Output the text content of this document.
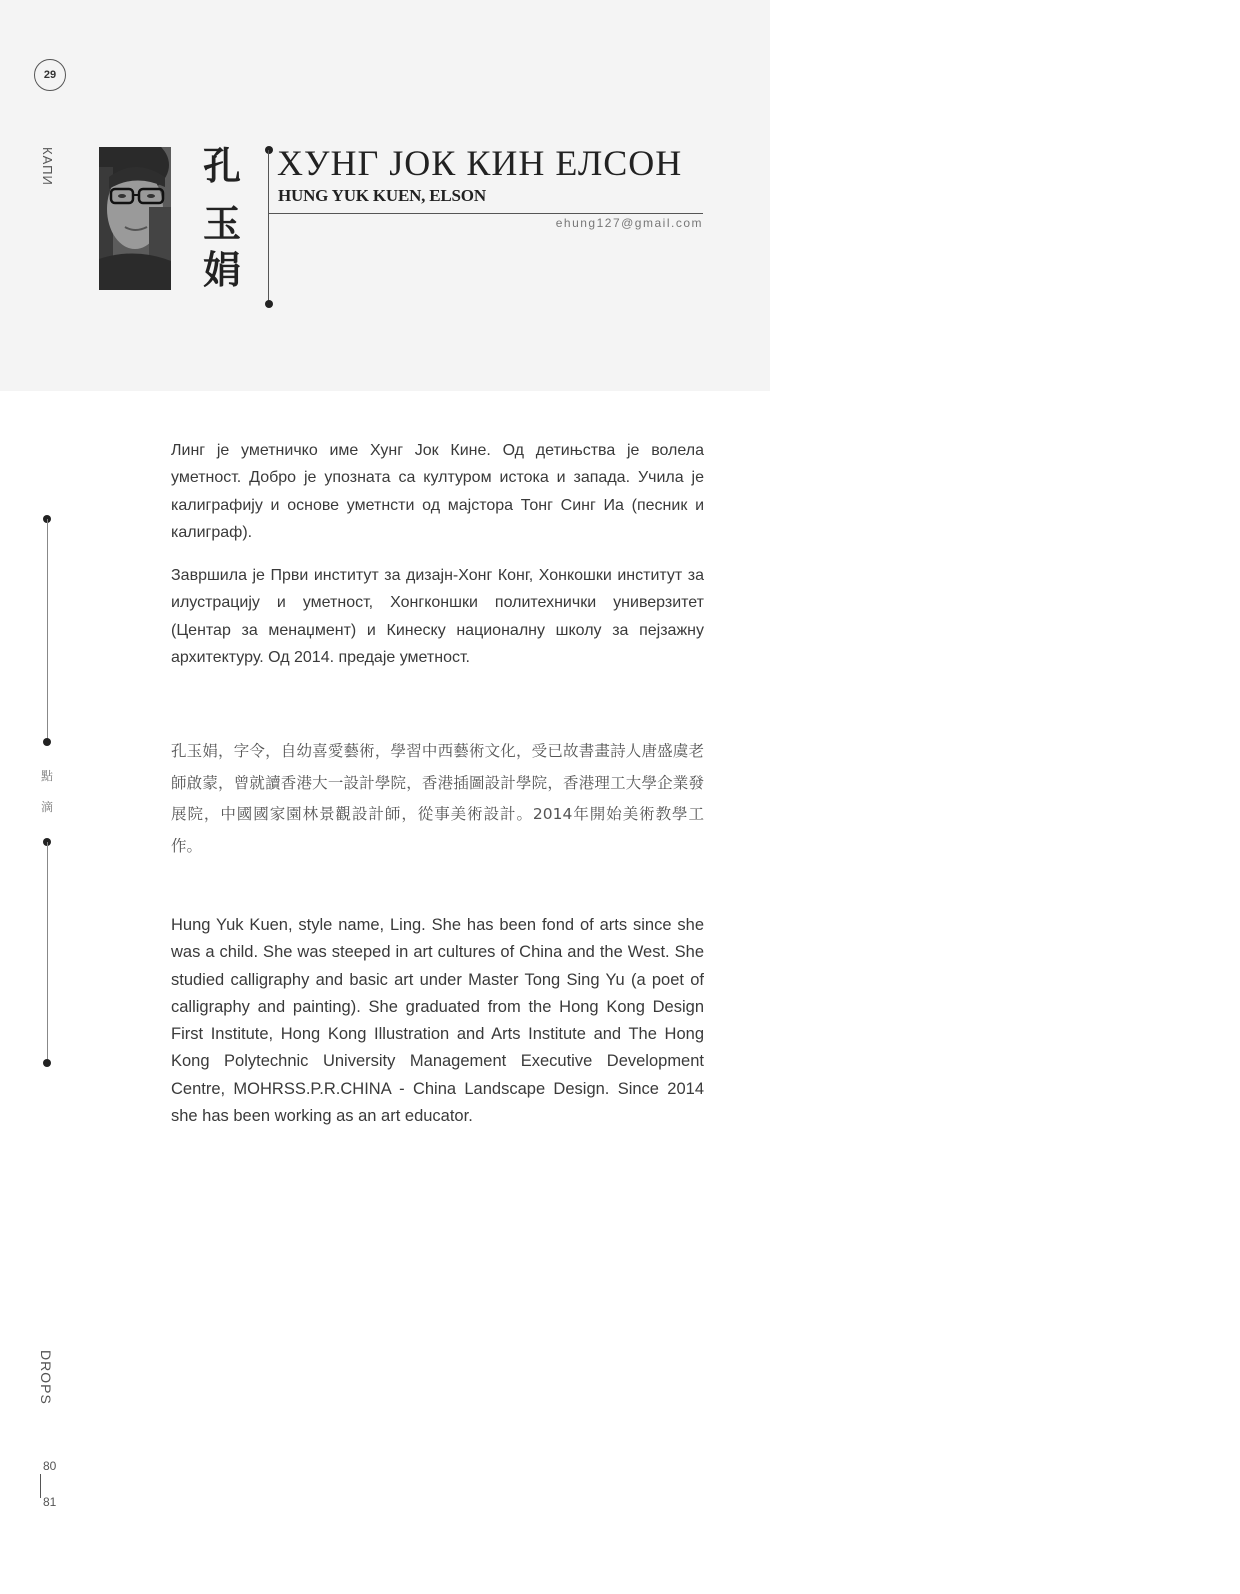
29
КАПИ	孔
玉
娟
ХУНГ ЈОК КИН ЕЛСОН
HUNG YUK KUEN, ELSON
ehung127@gmail.com
點
滴

Линг је уметничко име Хунг Јок Кине. Од детињства је волела уметност. Добро је упозната са културом истока и запада. Учила је калиграфију и основе уметнсти од мајстора Тонг Синг Иа (песник и калиграф).

Завршила је Први институт за дизајн-Хонг Конг, Хонкошки институт за илустрацију и уметност, Хонгконшки политехнички универзитет (Центар за менаџмент) и Кинеску националну школу за пејзажну архитектуру. Од 2014. предаје уметност.

孔玉娟，字令，自幼喜愛藝術，學習中西藝術文化，受已故書畫詩人唐盛虞老師啟蒙，曾就讀香港大一設計學院，香港插圖設計學院，香港理工大學企業發展院，中國國家園林景觀設計師，從事美術設計。2014年開始美術教學工作。

Hung Yuk Kuen, style name, Ling. She has been fond of arts since she was a child. She was steeped in art cultures of China and the West. She studied calligraphy and basic art under Master Tong Sing Yu (a poet of calligraphy and painting). She graduated from the Hong Kong Design First Institute, Hong Kong Illustration and Arts Institute and The Hong Kong Polytechnic University Management Executive Development Centre, MOHRSS.P.R.CHINA - China Landscape Design. Since 2014 she has been working as an art educator.

DROPS
80
81
